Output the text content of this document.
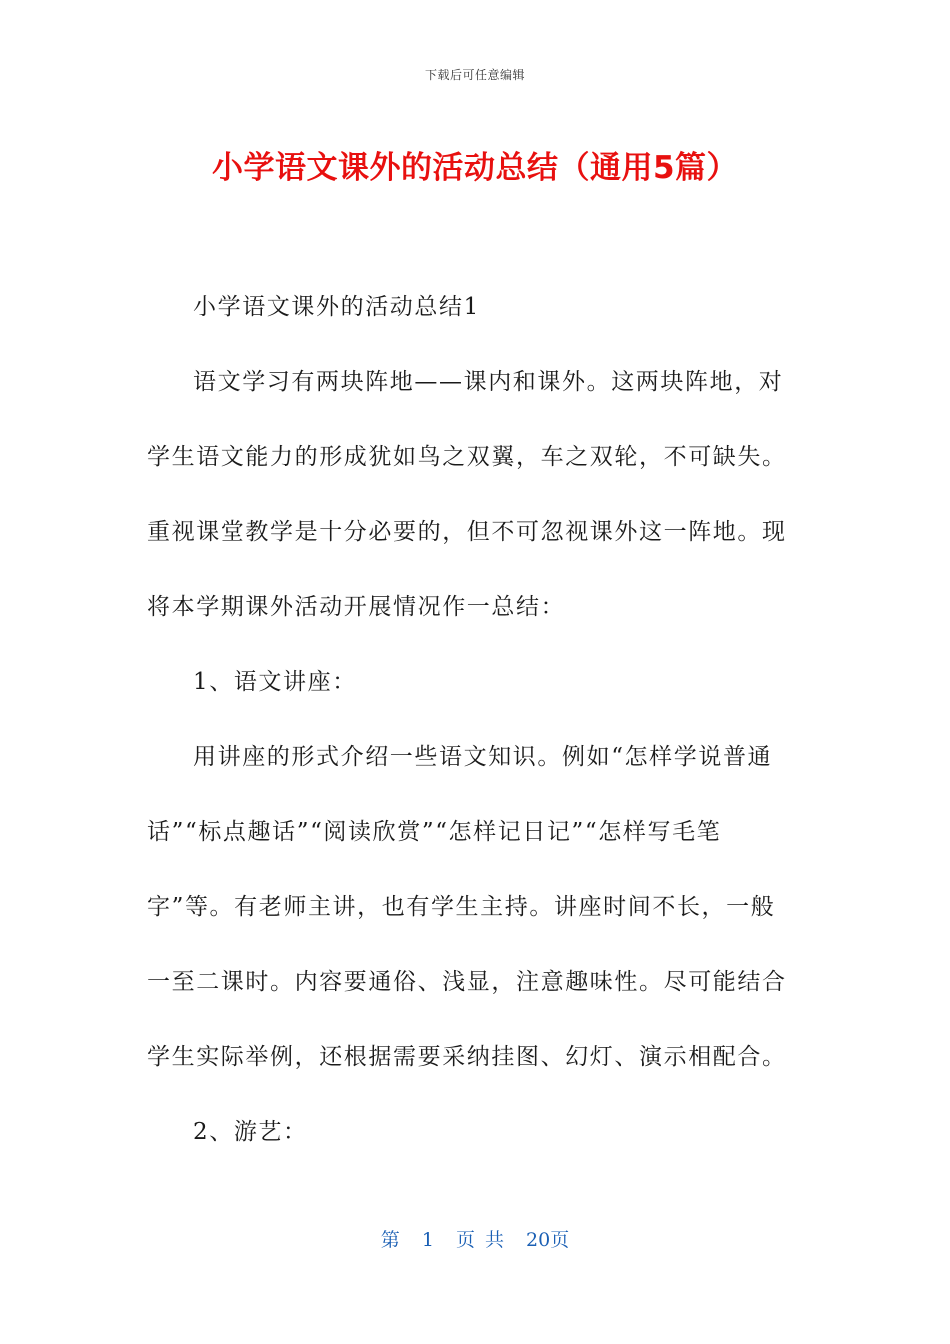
下载后可任意编辑
小学语文课外的活动总结（通用5篇）

小学语文课外的活动总结1

语文学习有两块阵地——课内和课外。这两块阵地，对学生语文能力的形成犹如鸟之双翼，车之双轮，不可缺失。重视课堂教学是十分必要的，但不可忽视课外这一阵地。现将本学期课外活动开展情况作一总结：

1、语文讲座：

用讲座的形式介绍一些语文知识。例如“怎样学说普通话”“标点趣话”“阅读欣赏”“怎样记日记”“怎样写毛笔字”等。有老师主讲，也有学生主持。讲座时间不长，一般一至二课时。内容要通俗、浅显，注意趣味性。尽可能结合学生实际举例，还根据需要采纳挂图、幻灯、演示相配合。

2、游艺：

第 1 页 共 20页
